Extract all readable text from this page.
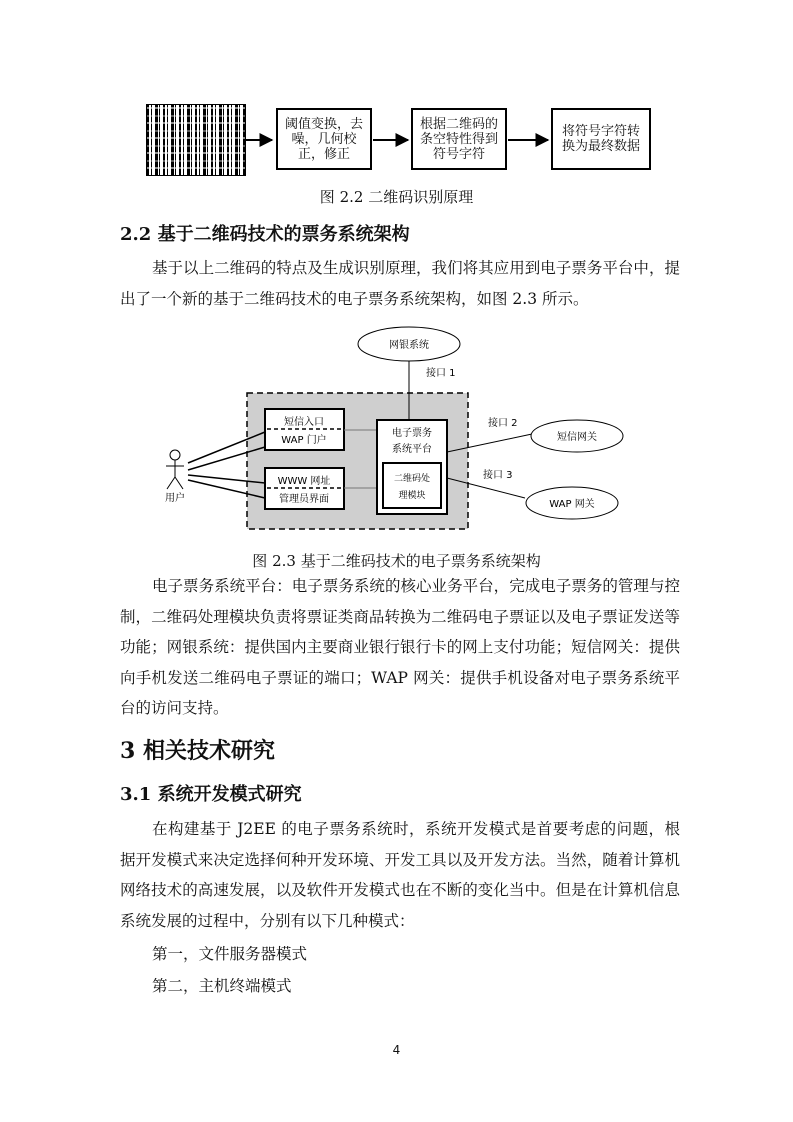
阈值变换，去噪，几何校正，修正
根据二维码的条空特性得到符号字符
将符号字符转换为最终数据
图 2.2 二维码识别原理
2.2 基于二维码技术的票务系统架构
基于以上二维码的特点及生成识别原理，我们将其应用到电子票务平台中，提出了一个新的基于二维码技术的电子票务系统架构，如图 2.3 所示。
网银系统
接口 1
短信入口
WAP 门户
WWW 网址
管理员界面
电子票务
系统平台
二维码处
理模块
接口 2
短信网关
接口 3
WAP 网关
用户
图 2.3 基于二维码技术的电子票务系统架构
电子票务系统平台：电子票务系统的核心业务平台，完成电子票务的管理与控制，二维码处理模块负责将票证类商品转换为二维码电子票证以及电子票证发送等功能；网银系统：提供国内主要商业银行银行卡的网上支付功能；短信网关：提供向手机发送二维码电子票证的端口；WAP 网关：提供手机设备对电子票务系统平台的访问支持。
3 相关技术研究
3.1 系统开发模式研究
在构建基于 J2EE 的电子票务系统时，系统开发模式是首要考虑的问题，根据开发模式来决定选择何种开发环境、开发工具以及开发方法。当然，随着计算机网络技术的高速发展，以及软件开发模式也在不断的变化当中。但是在计算机信息系统发展的过程中，分别有以下几种模式：
第一，文件服务器模式
第二，主机终端模式
4
